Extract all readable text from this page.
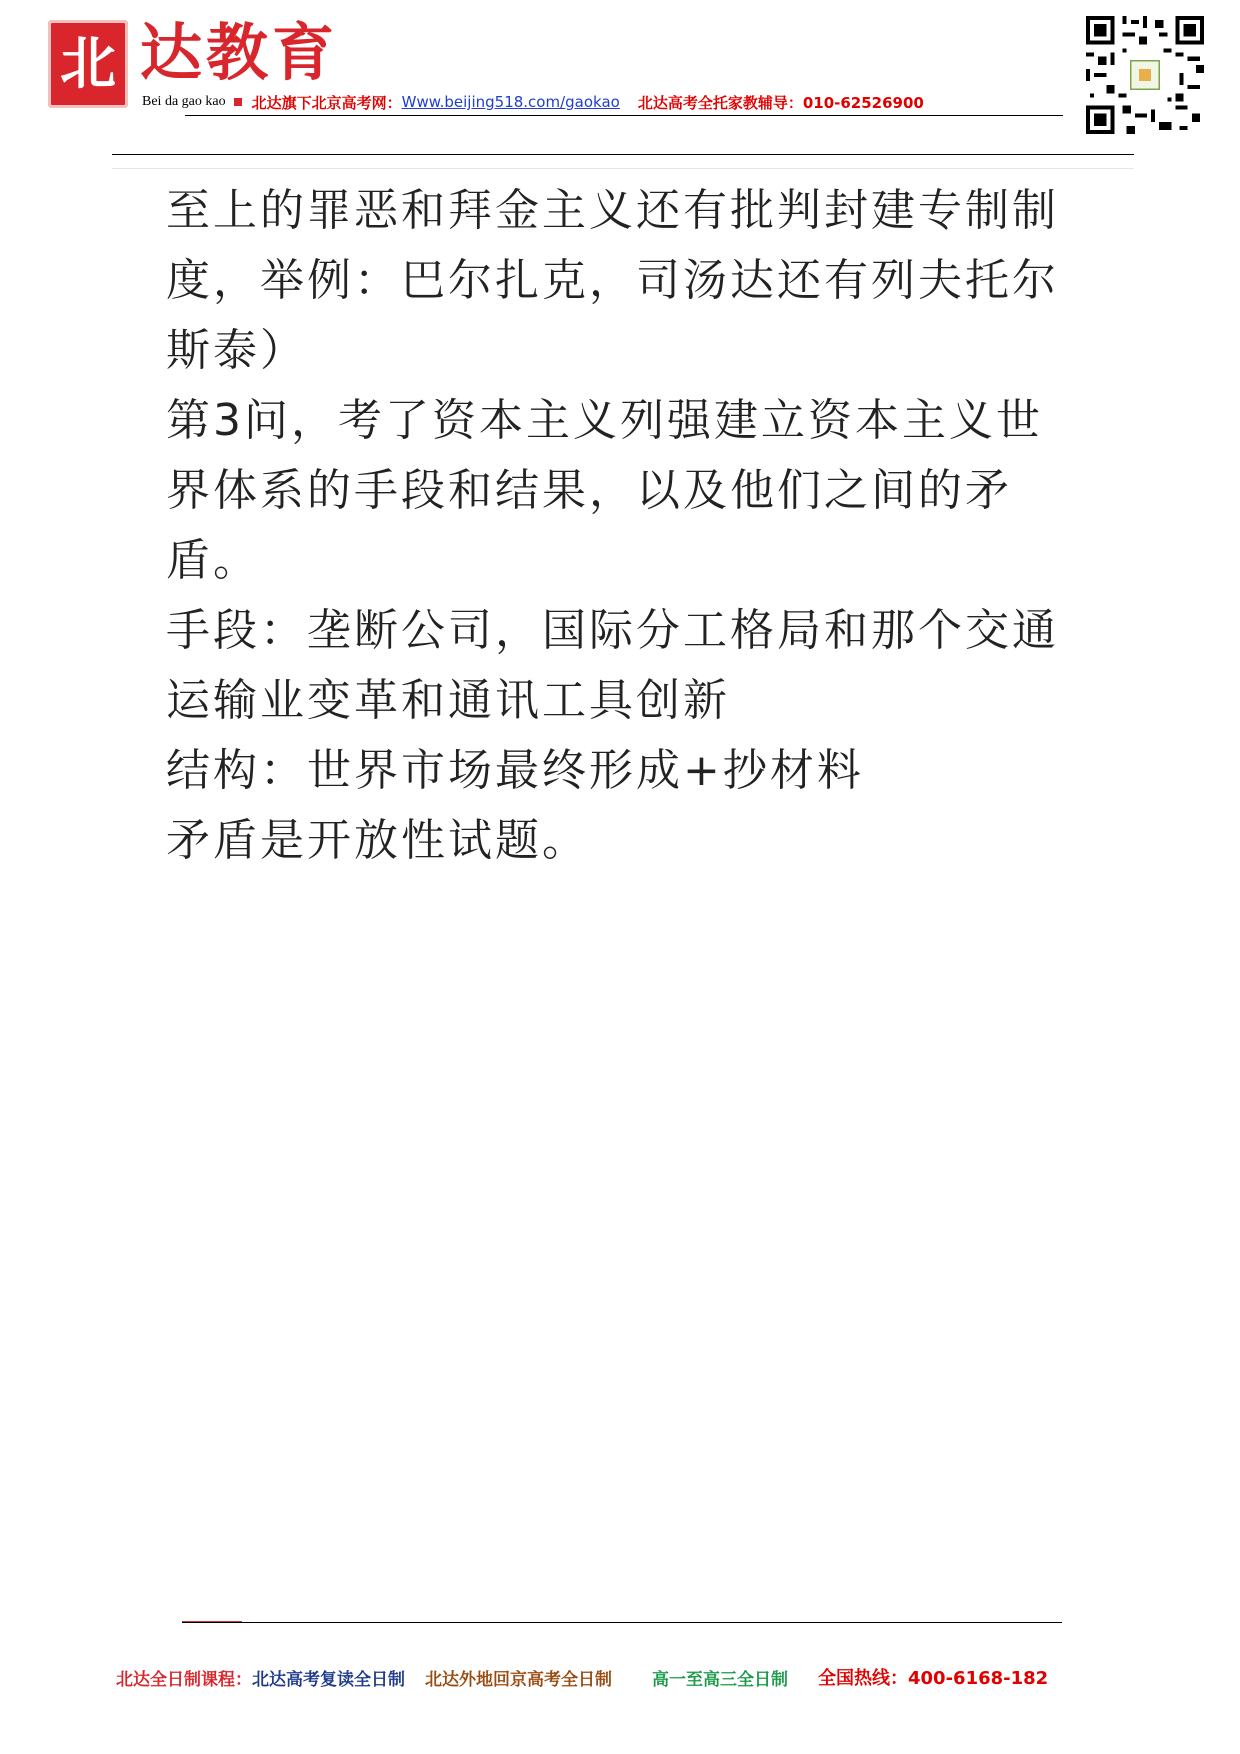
北 达教育
Bei da gao kao 北达旗下北京高考网： Www.beijing518.com/gaokao 北达高考全托家教辅导：010-62526900
至上的罪恶和拜金主义还有批判封建专制制
度，举例：巴尔扎克，司汤达还有列夫托尔
斯泰）
第3问，考了资本主义列强建立资本主义世
界体系的手段和结果，以及他们之间的矛
盾。
手段：垄断公司，国际分工格局和那个交通
运输业变革和通讯工具创新
结构：世界市场最终形成+抄材料
矛盾是开放性试题。
北达全日制课程： 北达高考复读全日制 北达外地回京高考全日制 高一至高三全日制 全国热线：400-6168-182
